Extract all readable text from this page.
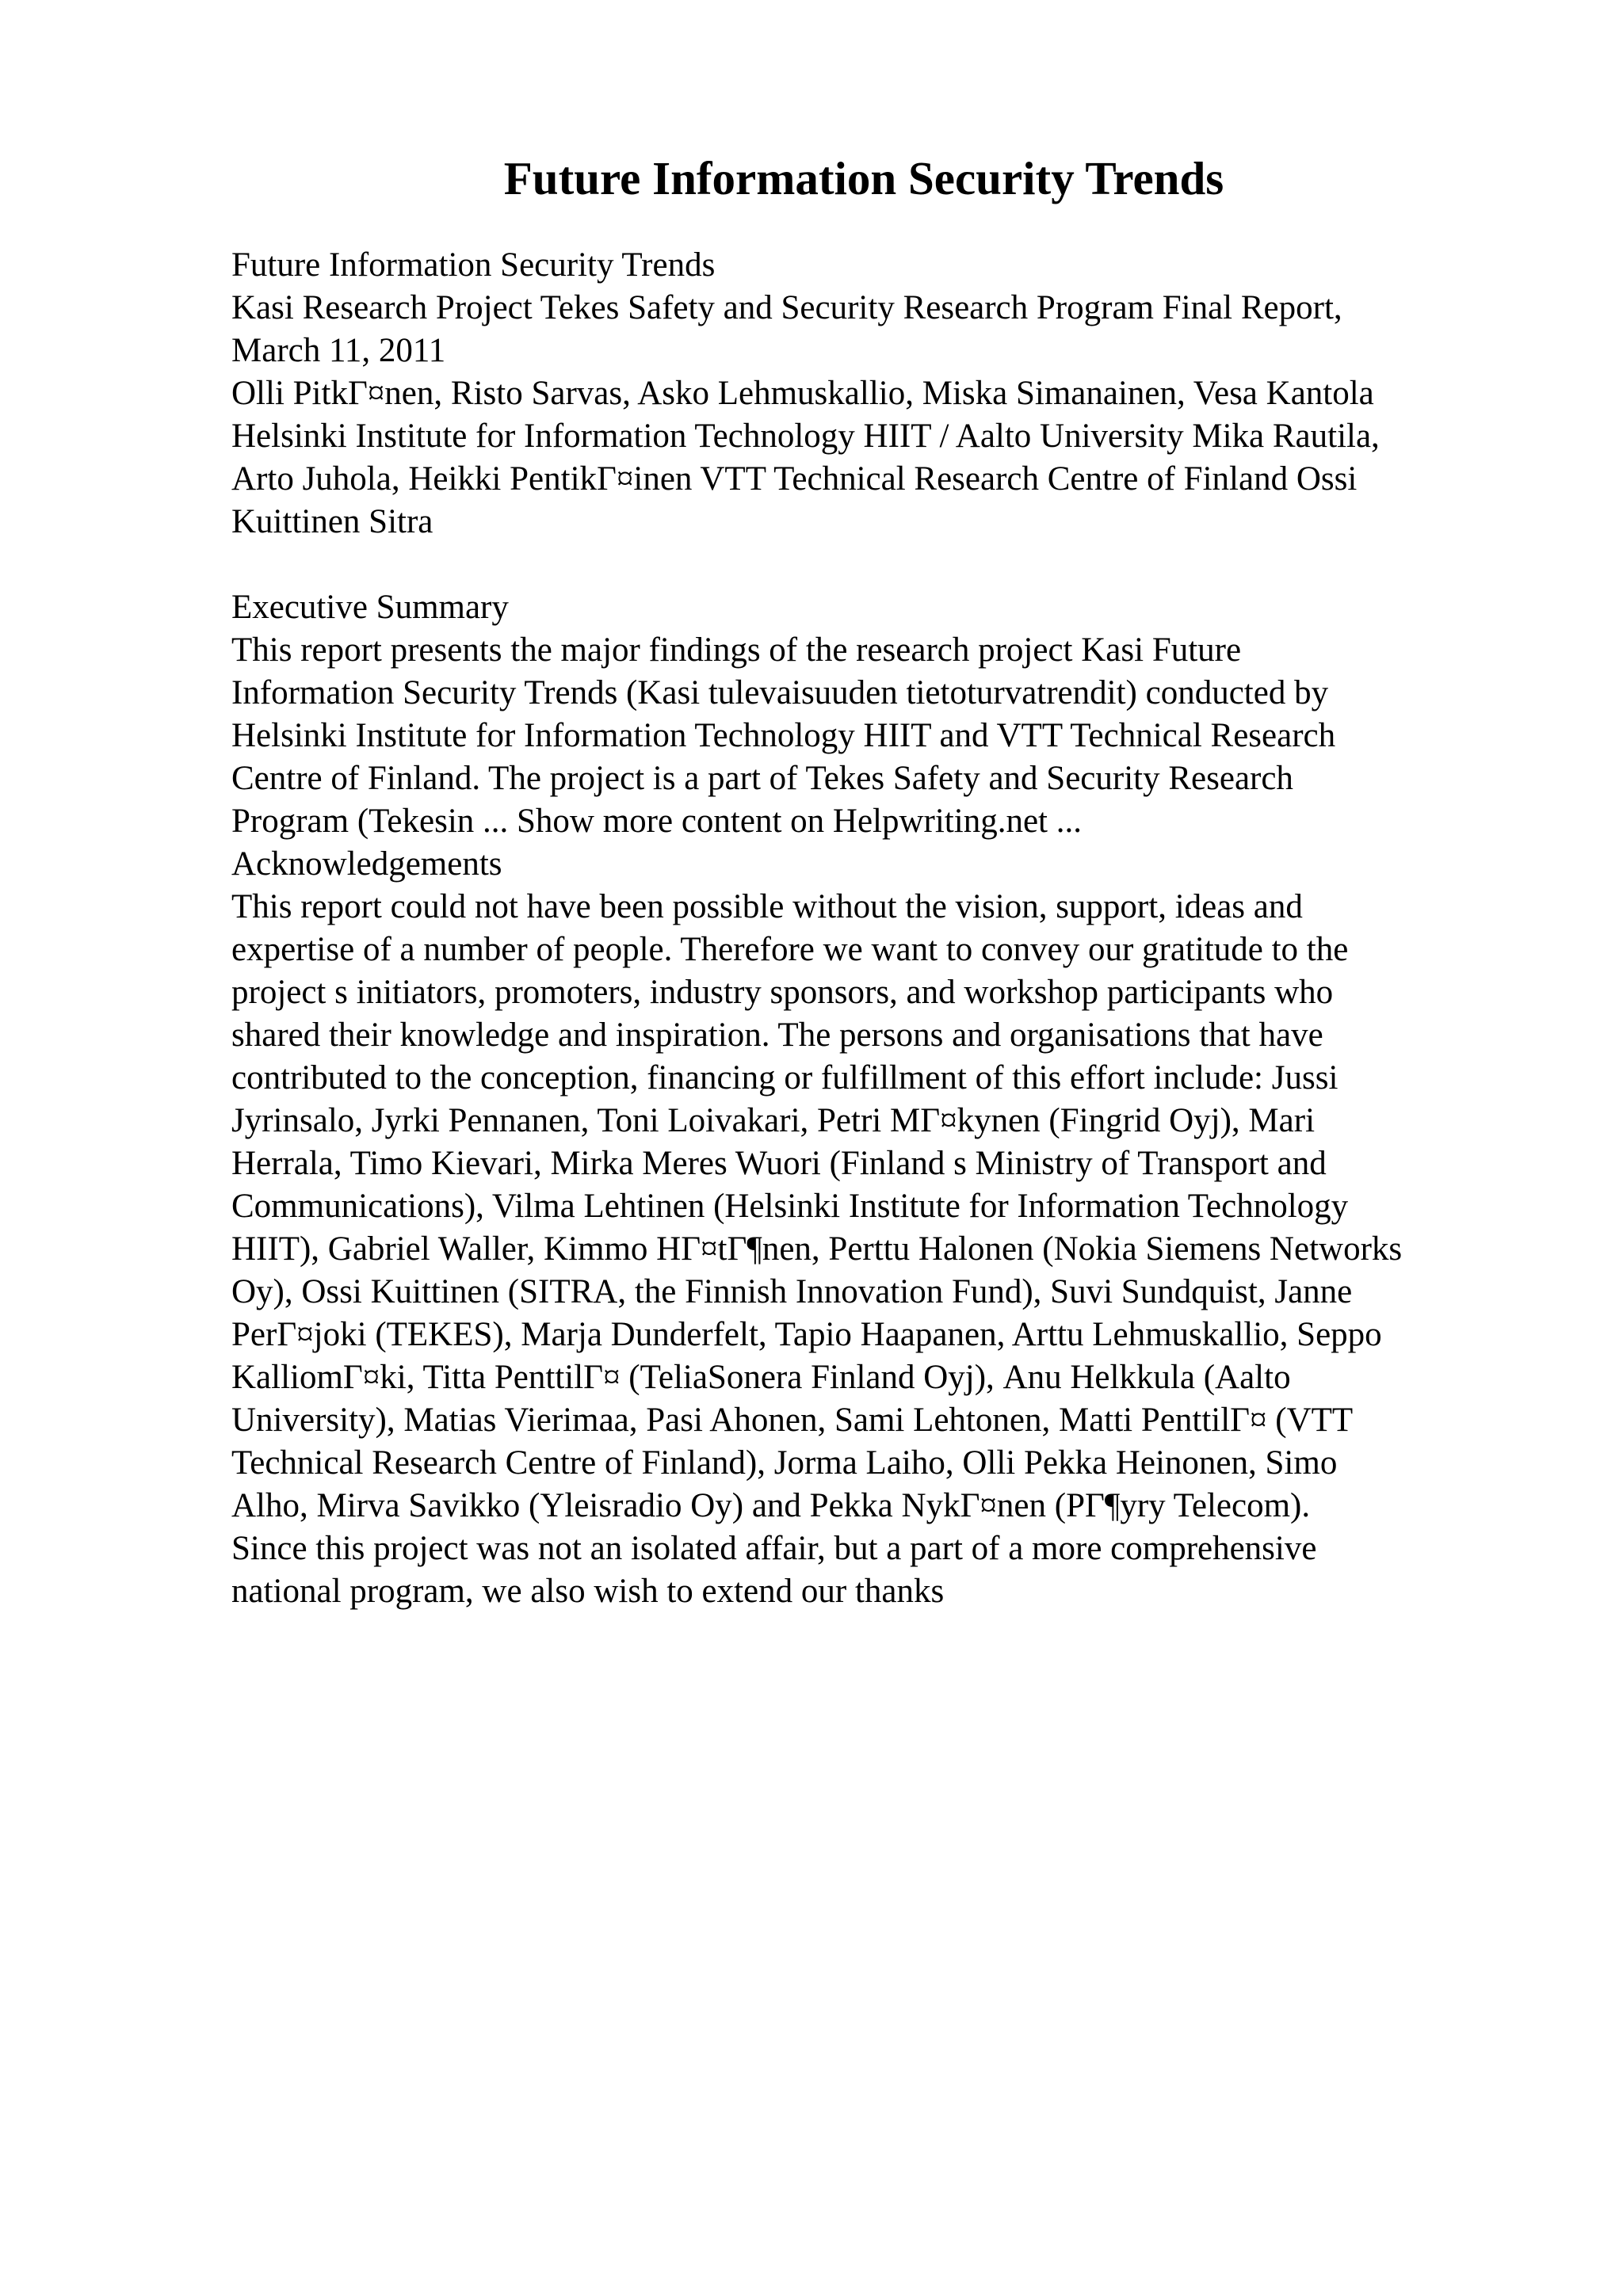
Future Information Security Trends
Future Information Security Trends
Kasi Research Project Tekes Safety and Security Research Program Final Report,
March 11, 2011
Olli PitkΓ¤nen, Risto Sarvas, Asko Lehmuskallio, Miska Simanainen, Vesa Kantola
Helsinki Institute for Information Technology HIIT / Aalto University Mika Rautila,
Arto Juhola, Heikki PentikΓ¤inen VTT Technical Research Centre of Finland Ossi
Kuittinen Sitra
Executive Summary
This report presents the major findings of the research project Kasi Future
Information Security Trends (Kasi tulevaisuuden tietoturvatrendit) conducted by
Helsinki Institute for Information Technology HIIT and VTT Technical Research
Centre of Finland. The project is a part of Tekes Safety and Security Research
Program (Tekesin ... Show more content on Helpwriting.net ...
Acknowledgements
This report could not have been possible without the vision, support, ideas and
expertise of a number of people. Therefore we want to convey our gratitude to the
project s initiators, promoters, industry sponsors, and workshop participants who
shared their knowledge and inspiration. The persons and organisations that have
contributed to the conception, financing or fulfillment of this effort include: Jussi
Jyrinsalo, Jyrki Pennanen, Toni Loivakari, Petri MΓ¤kynen (Fingrid Oyj), Mari
Herrala, Timo Kievari, Mirka Meres Wuori (Finland s Ministry of Transport and
Communications), Vilma Lehtinen (Helsinki Institute for Information Technology
HIIT), Gabriel Waller, Kimmo HΓ¤tΓ¶nen, Perttu Halonen (Nokia Siemens Networks
Oy), Ossi Kuittinen (SITRA, the Finnish Innovation Fund), Suvi Sundquist, Janne
PerΓ¤joki (TEKES), Marja Dunderfelt, Tapio Haapanen, Arttu Lehmuskallio, Seppo
KalliomΓ¤ki, Titta PenttilΓ¤ (TeliaSonera Finland Oyj), Anu Helkkula (Aalto
University), Matias Vierimaa, Pasi Ahonen, Sami Lehtonen, Matti PenttilΓ¤ (VTT
Technical Research Centre of Finland), Jorma Laiho, Olli Pekka Heinonen, Simo
Alho, Mirva Savikko (Yleisradio Oy) and Pekka NykΓ¤nen (PΓ¶yry Telecom).
Since this project was not an isolated affair, but a part of a more comprehensive
national program, we also wish to extend our thanks
